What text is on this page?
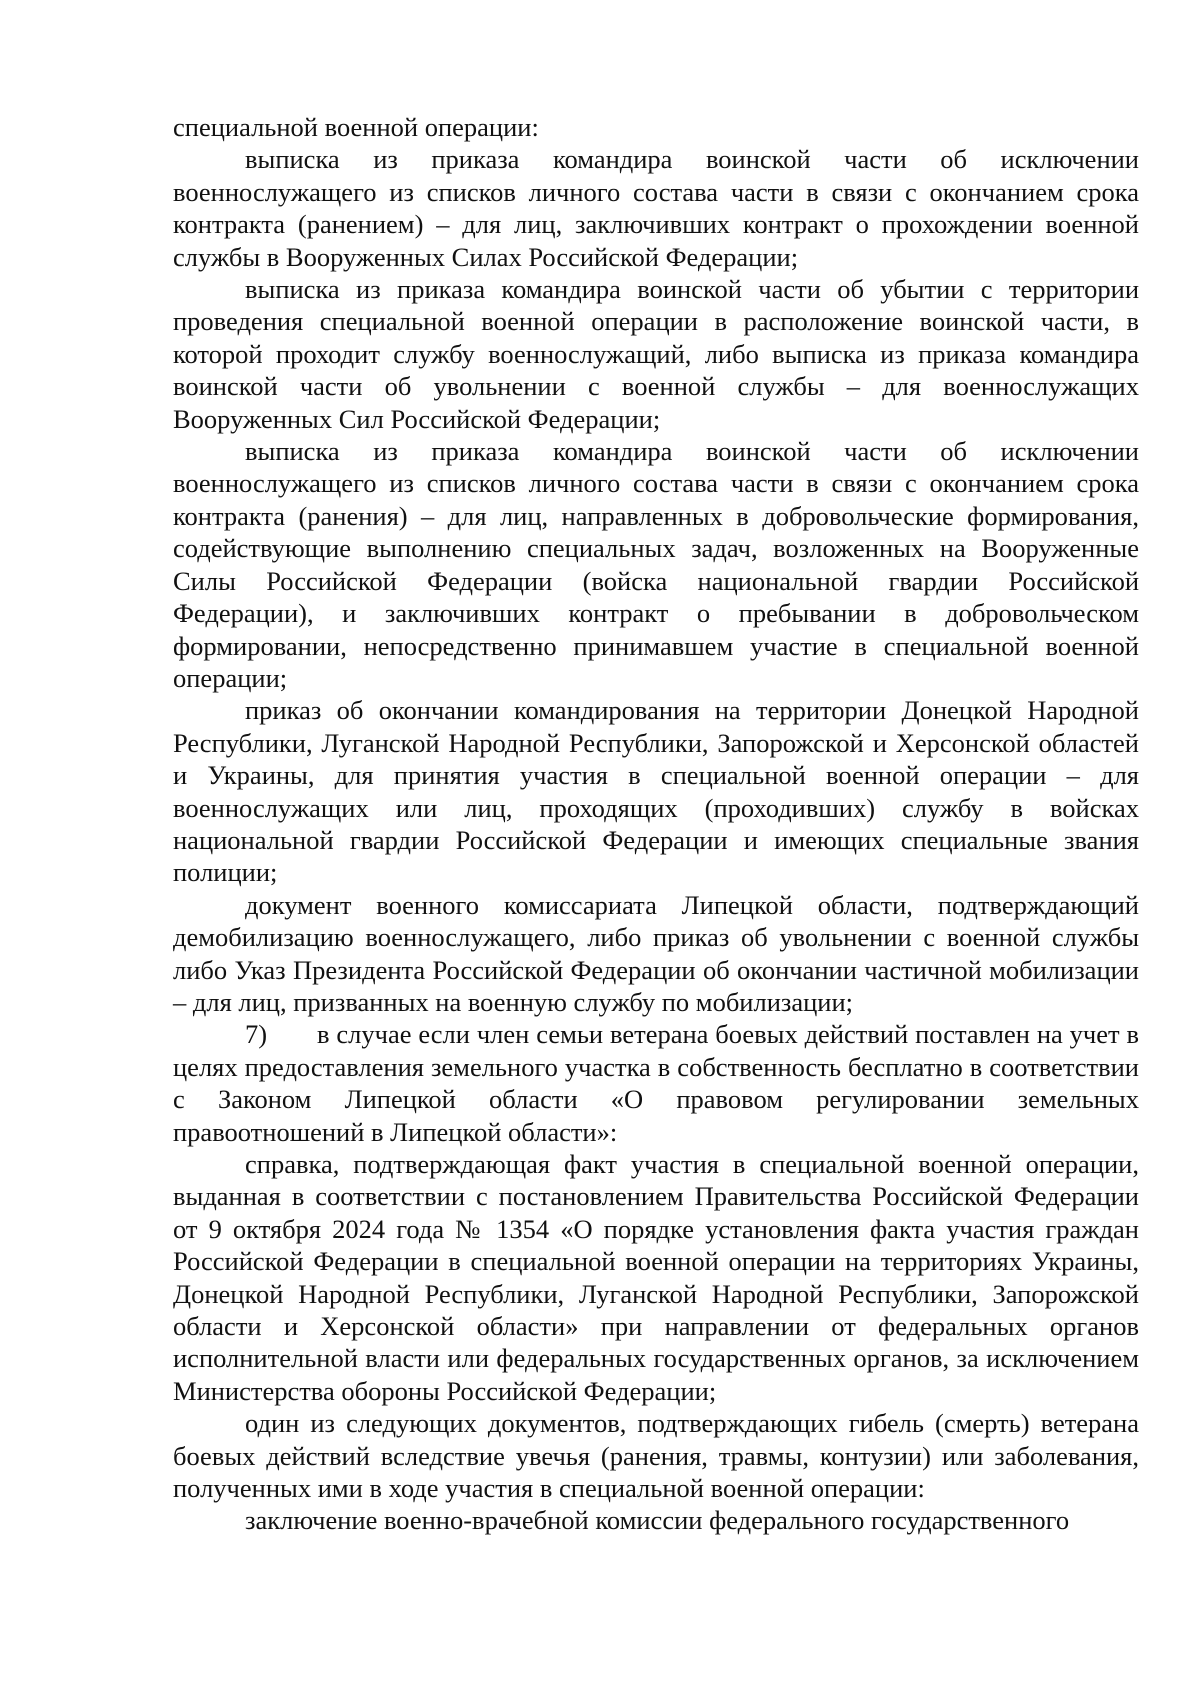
специальной военной операции:

выписка из приказа командира воинской части об исключении военнослужащего из списков личного состава части в связи с окончанием срока контракта (ранением) – для лиц, заключивших контракт о прохождении военной службы в Вооруженных Силах Российской Федерации;

выписка из приказа командира воинской части об убытии с территории проведения специальной военной операции в расположение воинской части, в которой проходит службу военнослужащий, либо выписка из приказа командира воинской части об увольнении с военной службы – для военнослужащих Вооруженных Сил Российской Федерации;

выписка из приказа командира воинской части об исключении военнослужащего из списков личного состава части в связи с окончанием срока контракта (ранения) – для лиц, направленных в добровольческие формирования, содействующие выполнению специальных задач, возложенных на Вооруженные Силы Российской Федерации (войска национальной гвардии Российской Федерации), и заключивших контракт о пребывании в добровольческом формировании, непосредственно принимавшем участие в специальной военной операции;

приказ об окончании командирования на территории Донецкой Народной Республики, Луганской Народной Республики, Запорожской и Херсонской областей и Украины, для принятия участия в специальной военной операции – для военнослужащих или лиц, проходящих (проходивших) службу в войсках национальной гвардии Российской Федерации и имеющих специальные звания полиции;

документ военного комиссариата Липецкой области, подтверждающий демобилизацию военнослужащего, либо приказ об увольнении с военной службы либо Указ Президента Российской Федерации об окончании частичной мобилизации – для лиц, призванных на военную службу по мобилизации;

7) в случае если член семьи ветерана боевых действий поставлен на учет в целях предоставления земельного участка в собственность бесплатно в соответствии с Законом Липецкой области «О правовом регулировании земельных правоотношений в Липецкой области»:

справка, подтверждающая факт участия в специальной военной операции, выданная в соответствии с постановлением Правительства Российской Федерации от 9 октября 2024 года № 1354 «О порядке установления факта участия граждан Российской Федерации в специальной военной операции на территориях Украины, Донецкой Народной Республики, Луганской Народной Республики, Запорожской области и Херсонской области» при направлении от федеральных органов исполнительной власти или федеральных государственных органов, за исключением Министерства обороны Российской Федерации;

один из следующих документов, подтверждающих гибель (смерть) ветерана боевых действий вследствие увечья (ранения, травмы, контузии) или заболевания, полученных ими в ходе участия в специальной военной операции:

заключение военно-врачебной комиссии федерального государственного
